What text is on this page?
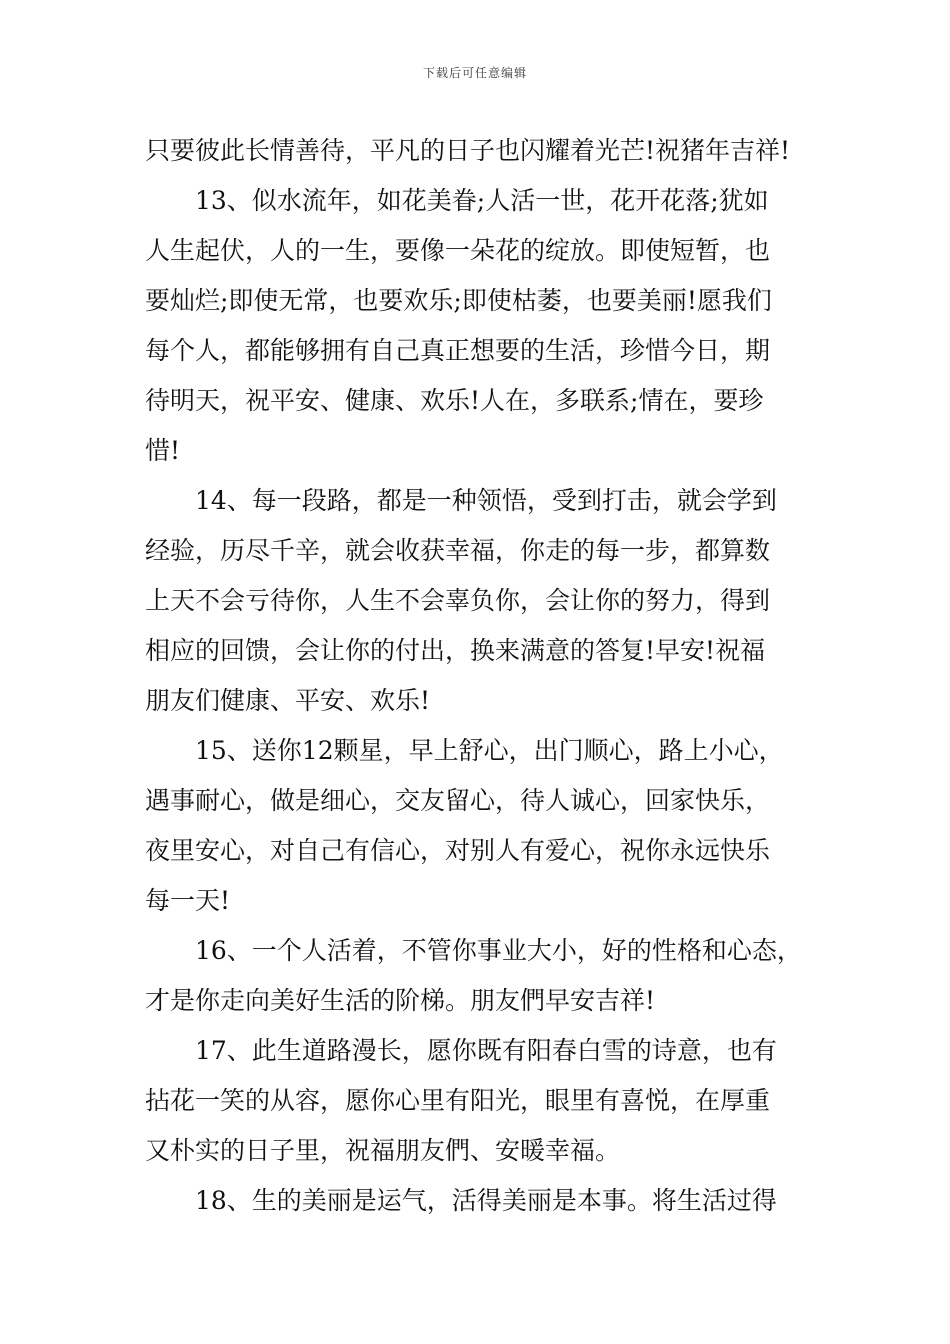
下载后可任意编辑

只要彼此长情善待，平凡的日子也闪耀着光芒!祝猪年吉祥!

13、似水流年，如花美眷;人活一世，花开花落;犹如
人生起伏，人的一生，要像一朵花的绽放。即使短暂，也
要灿烂;即使无常，也要欢乐;即使枯萎，也要美丽!愿我们
每个人，都能够拥有自己真正想要的生活，珍惜今日，期
待明天，祝平安、健康、欢乐!人在，多联系;情在，要珍
惜!

14、每一段路，都是一种领悟，受到打击，就会学到
经验，历尽千辛，就会收获幸福，你走的每一步，都算数
上天不会亏待你，人生不会辜负你，会让你的努力，得到
相应的回馈，会让你的付出，换来满意的答复!早安!祝福
朋友们健康、平安、欢乐!

15、送你12颗星，早上舒心，出门顺心，路上小心，
遇事耐心，做是细心，交友留心，待人诚心，回家快乐，
夜里安心，对自己有信心，对别人有爱心，祝你永远快乐
每一天!

16、一个人活着，不管你事业大小，好的性格和心态，
才是你走向美好生活的阶梯。朋友們早安吉祥!

17、此生道路漫长，愿你既有阳春白雪的诗意，也有
拈花一笑的从容，愿你心里有阳光，眼里有喜悦，在厚重
又朴实的日子里，祝福朋友們、安暖幸福。

18、生的美丽是运气，活得美丽是本事。将生活过得
